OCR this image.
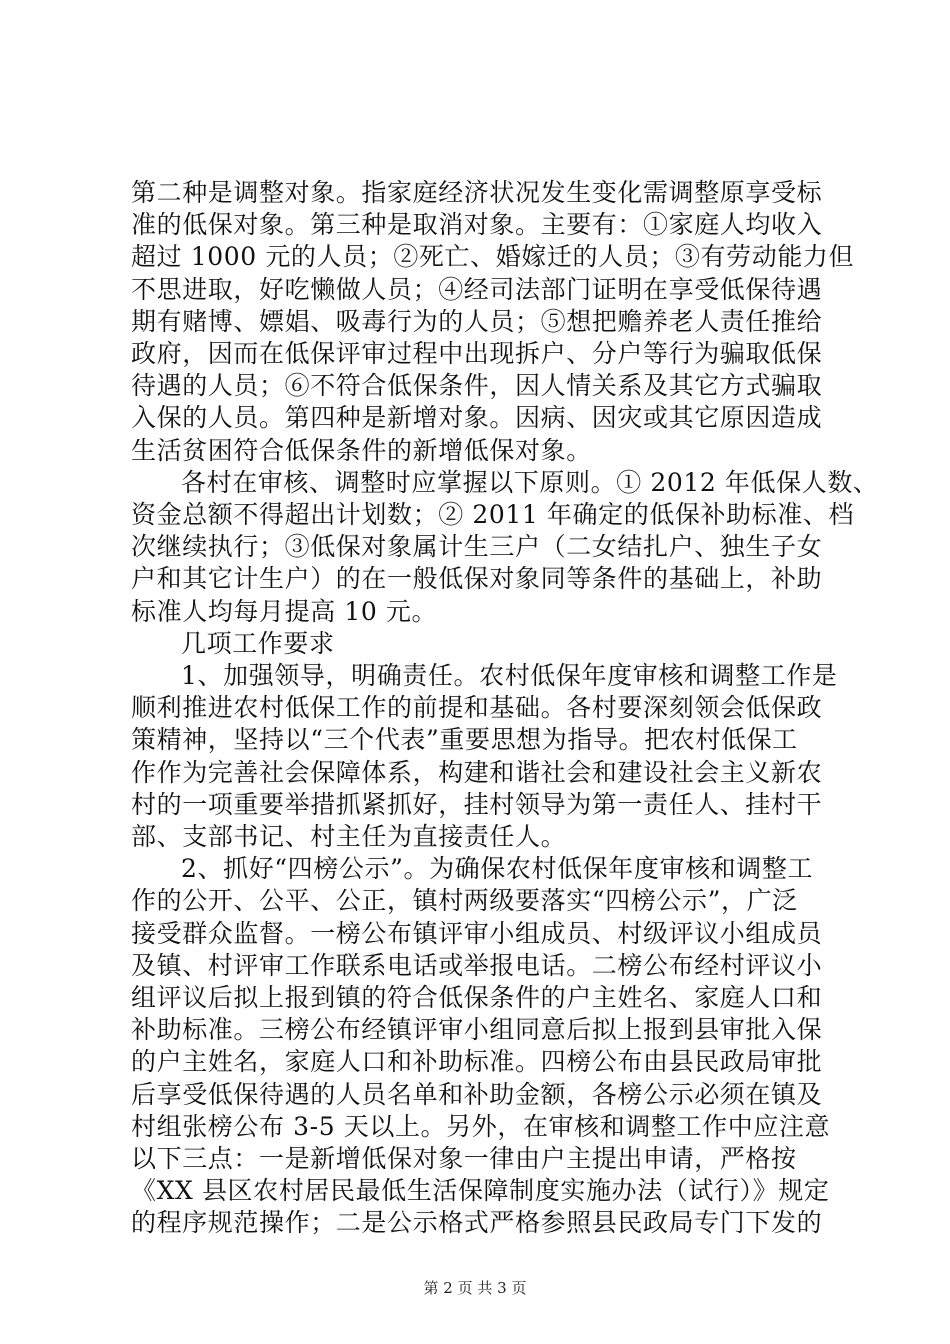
第二种是调整对象。指家庭经济状况发生变化需调整原享受标
准的低保对象。第三种是取消对象。主要有：①家庭人均收入
超过 1000 元的人员；②死亡、婚嫁迁的人员；③有劳动能力但
不思进取，好吃懒做人员；④经司法部门证明在享受低保待遇
期有赌博、嫖娼、吸毒行为的人员；⑤想把赡养老人责任推给
政府，因而在低保评审过程中出现拆户、分户等行为骗取低保
待遇的人员；⑥不符合低保条件，因人情关系及其它方式骗取
入保的人员。第四种是新增对象。因病、因灾或其它原因造成
生活贫困符合低保条件的新增低保对象。
各村在审核、调整时应掌握以下原则。① 2012 年低保人数、
资金总额不得超出计划数；② 2011 年确定的低保补助标准、档
次继续执行；③低保对象属计生三户（二女结扎户、独生子女
户和其它计生户）的在一般低保对象同等条件的基础上，补助
标准人均每月提高 10 元。
几项工作要求
1、加强领导，明确责任。农村低保年度审核和调整工作是
顺利推进农村低保工作的前提和基础。各村要深刻领会低保政
策精神，坚持以“三个代表”重要思想为指导。把农村低保工
作作为完善社会保障体系，构建和谐社会和建设社会主义新农
村的一项重要举措抓紧抓好，挂村领导为第一责任人、挂村干
部、支部书记、村主任为直接责任人。
2、抓好“四榜公示”。为确保农村低保年度审核和调整工
作的公开、公平、公正，镇村两级要落实“四榜公示”，广泛
接受群众监督。一榜公布镇评审小组成员、村级评议小组成员
及镇、村评审工作联系电话或举报电话。二榜公布经村评议小
组评议后拟上报到镇的符合低保条件的户主姓名、家庭人口和
补助标准。三榜公布经镇评审小组同意后拟上报到县审批入保
的户主姓名，家庭人口和补助标准。四榜公布由县民政局审批
后享受低保待遇的人员名单和补助金额，各榜公示必须在镇及
村组张榜公布 3-5 天以上。另外，在审核和调整工作中应注意
以下三点：一是新增低保对象一律由户主提出申请，严格按
《XX 县区农村居民最低生活保障制度实施办法（试行）》规定
的程序规范操作；二是公示格式严格参照县民政局专门下发的
第 2 页 共 3 页
